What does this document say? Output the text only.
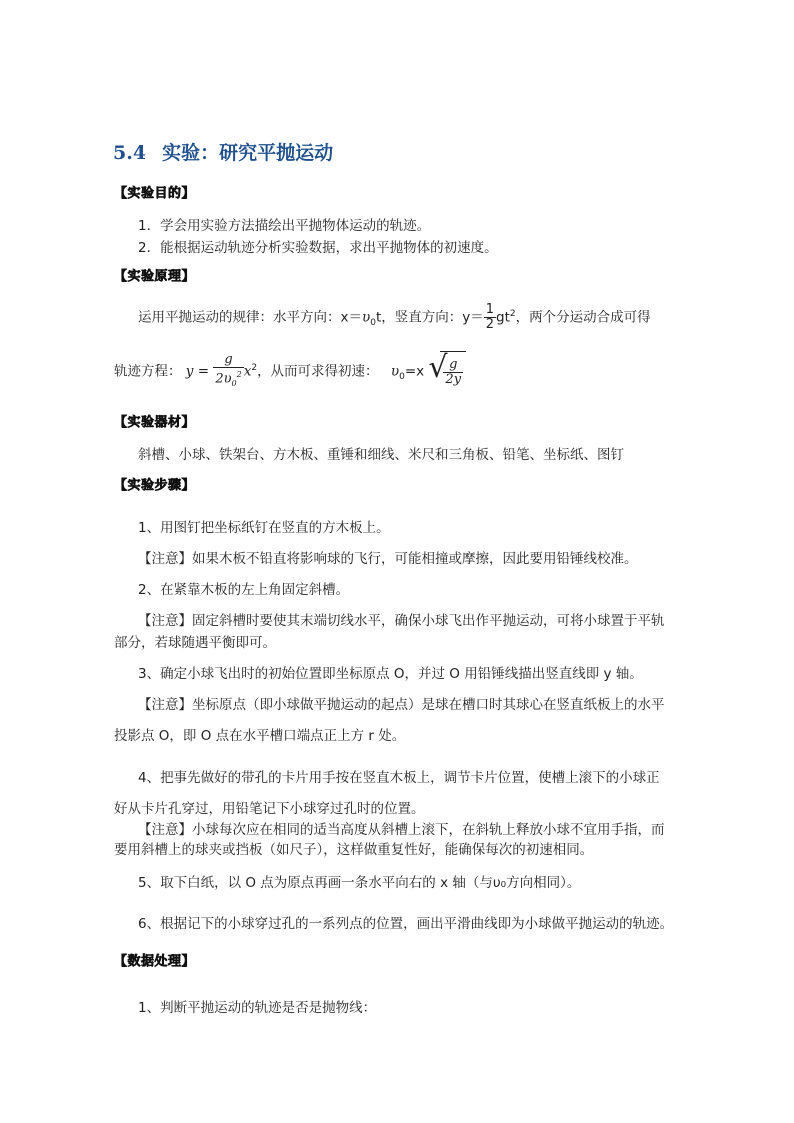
5.4 实验：研究平抛运动
【实验目的】
1．学会用实验方法描绘出平抛物体运动的轨迹。
2．能根据运动轨迹分析实验数据，求出平抛物体的初速度。
【实验原理】
运用平抛运动的规律：水平方向：$x=\upsilon_0t$，竖直方向：$y= \frac{1}{2} gt^2$，两个分运动合成可得
轨迹方程： $y = \frac{g}{2\upsilon_0^2} x^2$，从而可求得初速： $\upsilon_0=x$ √
$\frac{g}{2y}$
【实验器材】
斜槽、小球、铁架台、方木板、重锤和细线、米尺和三角板、铅笔、坐标纸、图钉
【实验步骤】
1、用图钉把坐标纸钉在竖直的方木板上。
【注意】如果木板不铅直将影响球的飞行，可能相撞或摩擦，因此要用铅锤线校准。
2、在紧靠木板的左上角固定斜槽。
【注意】固定斜槽时要使其末端切线水平，确保小球飞出作平抛运动，可将小球置于平轨
部分，若球随遇平衡即可。
3、确定小球飞出时的初始位置即坐标原点 O，并过 O 用铅锤线描出竖直线即 y 轴。
【注意】坐标原点（即小球做平抛运动的起点）是球在槽口时其球心在竖直纸板上的水平
投影点 O，即 O 点在水平槽口端点正上方 r 处。
4、把事先做好的带孔的卡片用手按在竖直木板上，调节卡片位置，使槽上滚下的小球正
好从卡片孔穿过，用铅笔记下小球穿过孔时的位置。
【注意】小球每次应在相同的适当高度从斜槽上滚下，在斜轨上释放小球不宜用手指，而
要用斜槽上的球夹或挡板（如尺子），这样做重复性好，能确保每次的初速相同。
5、取下白纸，以 O 点为原点再画一条水平向右的 x 轴（与υ₀方向相同）。
6、根据记下的小球穿过孔的一系列点的位置，画出平滑曲线即为小球做平抛运动的轨迹。
【数据处理】
1、判断平抛运动的轨迹是否是抛物线：
